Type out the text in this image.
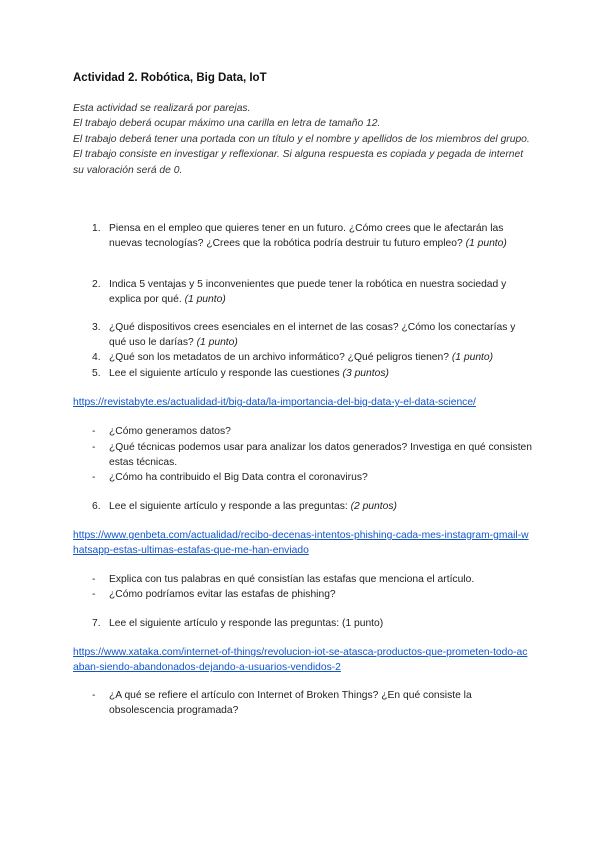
Actividad 2. Robótica, Big Data, IoT

Esta actividad se realizará por parejas.

El trabajo deberá ocupar máximo una carilla en letra de tamaño 12.

El trabajo deberá tener una portada con un título y el nombre y apellidos de los miembros del grupo.

El trabajo consiste en investigar y reflexionar. Si alguna respuesta es copiada y pegada de internet su valoración será de 0.

1. Piensa en el empleo que quieres tener en un futuro. ¿Cómo crees que le afectarán las nuevas tecnologías? ¿Crees que la robótica podría destruir tu futuro empleo? (1 punto)
2. Indica 5 ventajas y 5 inconvenientes que puede tener la robótica en nuestra sociedad y explica por qué. (1 punto)
3. ¿Qué dispositivos crees esenciales en el internet de las cosas? ¿Cómo los conectarías y qué uso le darías? (1 punto)
4. ¿Qué son los metadatos de un archivo informático? ¿Qué peligros tienen? (1 punto)
5. Lee el siguiente artículo y responde las cuestiones (3 puntos)
https://revistabyte.es/actualidad-it/big-data/la-importancia-del-big-data-y-el-data-science/
- ¿Cómo generamos datos?
- ¿Qué técnicas podemos usar para analizar los datos generados? Investiga en qué consisten estas técnicas.
- ¿Cómo ha contribuido el Big Data contra el coronavirus?
6. Lee el siguiente artículo y responde a las preguntas: (2 puntos)
https://www.genbeta.com/actualidad/recibo-decenas-intentos-phishing-cada-mes-instagram-gmail-whatsapp-estas-ultimas-estafas-que-me-han-enviado
- Explica con tus palabras en qué consistían las estafas que menciona el artículo.
- ¿Cómo podríamos evitar las estafas de phishing?
7. Lee el siguiente artículo y responde las preguntas: (1 punto)
https://www.xataka.com/internet-of-things/revolucion-iot-se-atasca-productos-que-prometen-todo-acaban-siendo-abandonados-dejando-a-usuarios-vendidos-2
- ¿A qué se refiere el artículo con Internet of Broken Things? ¿En qué consiste la obsolescencia programada?
